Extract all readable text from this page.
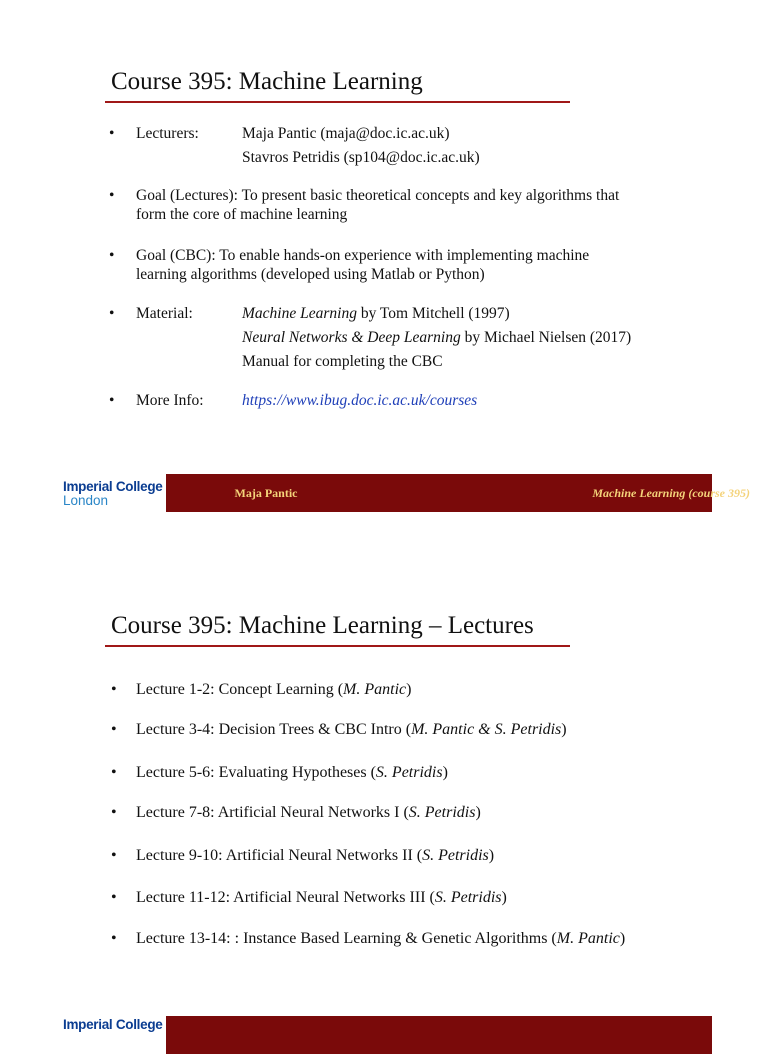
Course 395: Machine Learning
• Lecturers:	Maja Pantic (maja@doc.ic.ac.uk)
Stavros Petridis (sp104@doc.ic.ac.uk)
• Goal (Lectures): To present basic theoretical concepts and key algorithms that
form the core of machine learning
• Goal (CBC): To enable hands-on experience with implementing machine
learning algorithms (developed using Matlab or Python)
• Material:	Machine Learning by Tom Mitchell (1997)
Neural Networks & Deep Learning by Michael Nielsen (2017)
Manual for completing the CBC
• More Info: https://www.ibug.doc.ic.ac.uk/courses
Imperial College
London	Maja Pantic	Machine Learning (course 395)
Course 395: Machine Learning – Lectures
• Lecture 1-2: Concept Learning (M. Pantic)
• Lecture 3-4: Decision Trees & CBC Intro (M. Pantic & S. Petridis)
• Lecture 5-6: Evaluating Hypotheses (S. Petridis)
• Lecture 7-8: Artificial Neural Networks I (S. Petridis)
• Lecture 9-10: Artificial Neural Networks II (S. Petridis)
• Lecture 11-12: Artificial Neural Networks III (S. Petridis)
• Lecture 13-14: : Instance Based Learning & Genetic Algorithms (M. Pantic)
Imperial College
